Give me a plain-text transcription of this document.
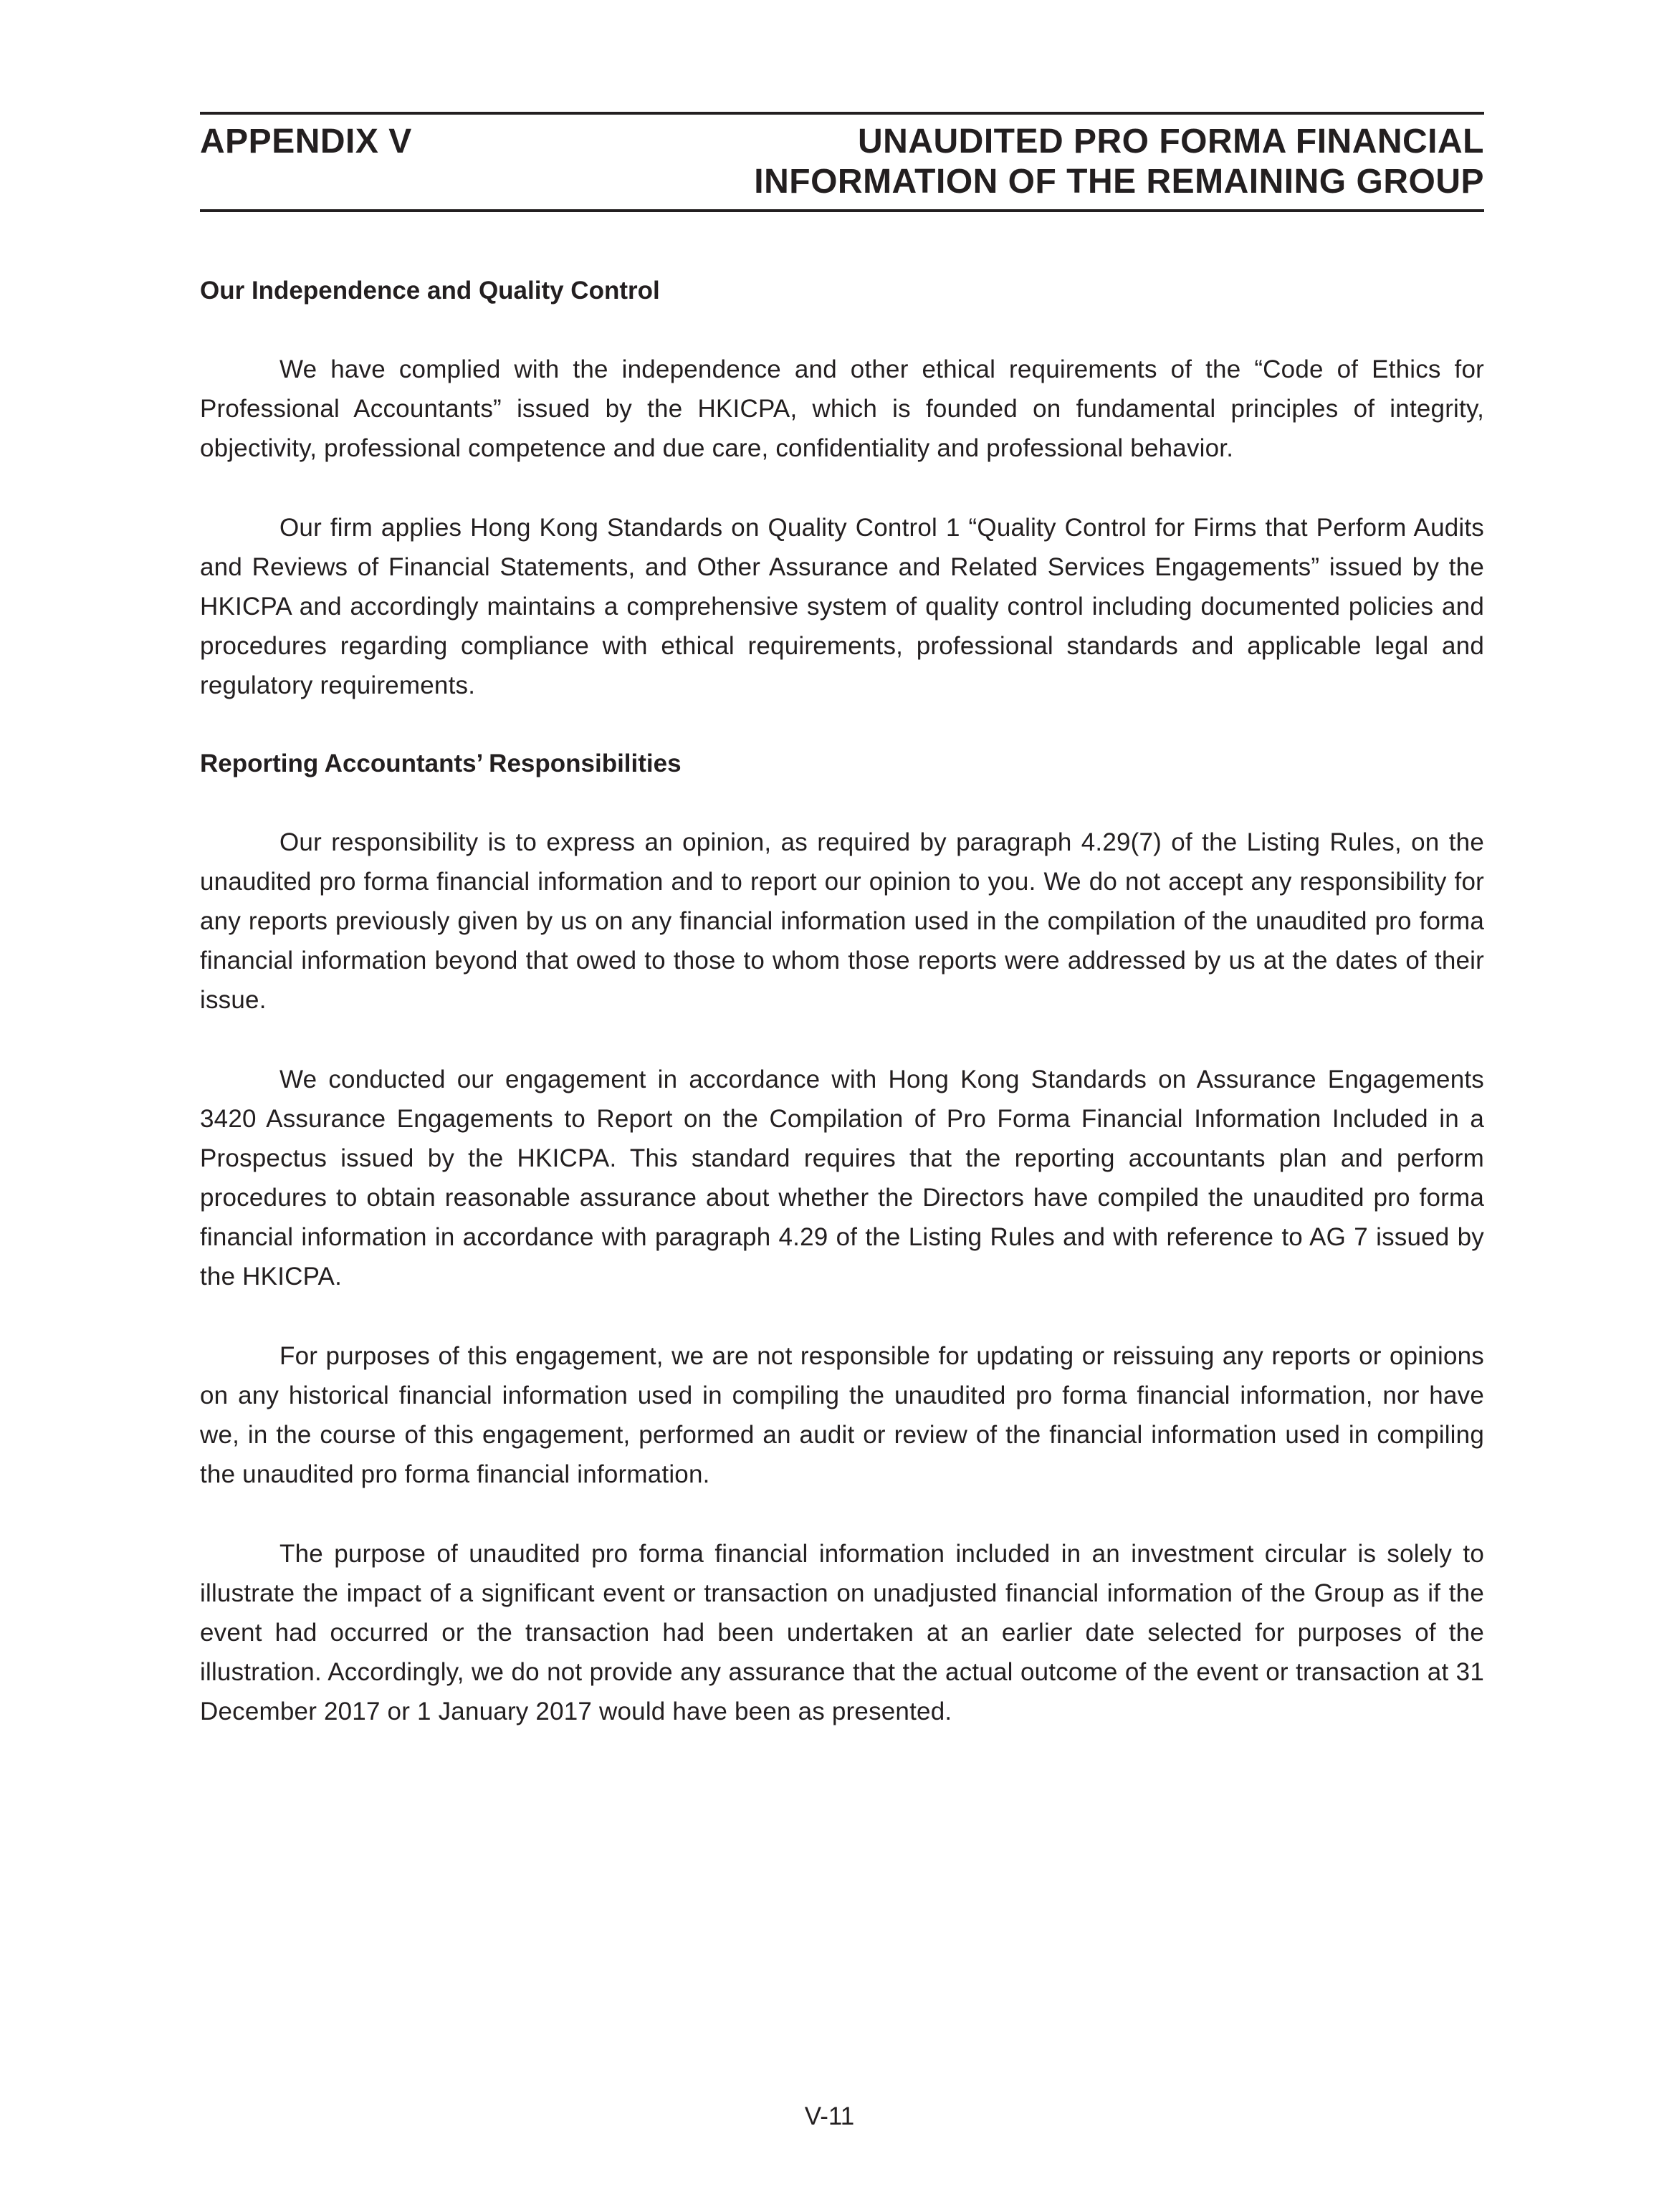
APPENDIX V	UNAUDITED PRO FORMA FINANCIAL
INFORMATION OF THE REMAINING GROUP
Our Independence and Quality Control

We have complied with the independence and other ethical requirements of the “Code of Ethics for Professional Accountants” issued by the HKICPA, which is founded on fundamental principles of integrity, objectivity, professional competence and due care, confidentiality and professional behavior.

Our firm applies Hong Kong Standards on Quality Control 1 “Quality Control for Firms that Perform Audits and Reviews of Financial Statements, and Other Assurance and Related Services Engagements” issued by the HKICPA and accordingly maintains a comprehensive system of quality control including documented policies and procedures regarding compliance with ethical requirements, professional standards and applicable legal and regulatory requirements.

Reporting Accountants’ Responsibilities

Our responsibility is to express an opinion, as required by paragraph 4.29(7) of the Listing Rules, on the unaudited pro forma financial information and to report our opinion to you. We do not accept any responsibility for any reports previously given by us on any financial information used in the compilation of the unaudited pro forma financial information beyond that owed to those to whom those reports were addressed by us at the dates of their issue.

We conducted our engagement in accordance with Hong Kong Standards on Assurance Engagements 3420 Assurance Engagements to Report on the Compilation of Pro Forma Financial Information Included in a Prospectus issued by the HKICPA. This standard requires that the reporting accountants plan and perform procedures to obtain reasonable assurance about whether the Directors have compiled the unaudited pro forma financial information in accordance with paragraph 4.29 of the Listing Rules and with reference to AG 7 issued by the HKICPA.

For purposes of this engagement, we are not responsible for updating or reissuing any reports or opinions on any historical financial information used in compiling the unaudited pro forma financial information, nor have we, in the course of this engagement, performed an audit or review of the financial information used in compiling the unaudited pro forma financial information.

The purpose of unaudited pro forma financial information included in an investment circular is solely to illustrate the impact of a significant event or transaction on unadjusted financial information of the Group as if the event had occurred or the transaction had been undertaken at an earlier date selected for purposes of the illustration. Accordingly, we do not provide any assurance that the actual outcome of the event or transaction at 31 December 2017 or 1 January 2017 would have been as presented.

V-11
